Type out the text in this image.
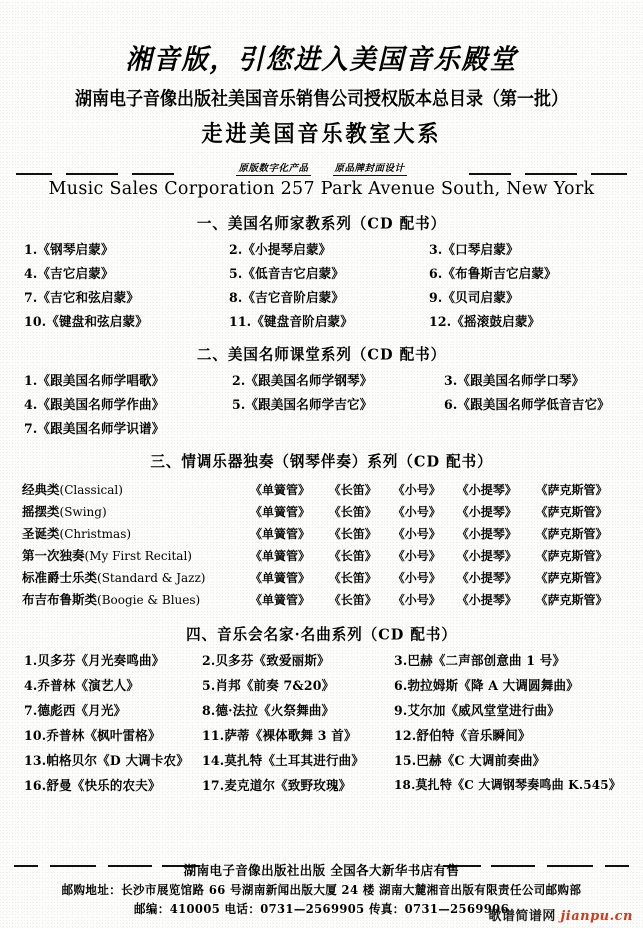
湘音版，引您进入美国音乐殿堂
湖南电子音像出版社美国音乐销售公司授权版本总目录（第一批）
走进美国音乐教室大系
原版数字化产品	原品牌封面设计
Music Sales Corporation 257 Park Avenue South, New York
一、美国名师家教系列（CD 配书）
1.《钢琴启蒙》	2.《小提琴启蒙》	3.《口琴启蒙》
4.《吉它启蒙》	5.《低音吉它启蒙》	6.《布鲁斯吉它启蒙》
7.《吉它和弦启蒙》	8.《吉它音阶启蒙》	9.《贝司启蒙》
10.《键盘和弦启蒙》	11.《键盘音阶启蒙》	12.《摇滚鼓启蒙》
二、美国名师课堂系列（CD 配书）
1.《跟美国名师学唱歌》	2.《跟美国名师学钢琴》	3.《跟美国名师学口琴》
4.《跟美国名师学作曲》	5.《跟美国名师学吉它》	6.《跟美国名师学低音吉它》
7.《跟美国名师学识谱》
三、情调乐器独奏（钢琴伴奏）系列（CD 配书）
经典类(Classical)	《单簧管》	《长笛》	《小号》	《小提琴》	《萨克斯管》
摇摆类(Swing)	《单簧管》	《长笛》	《小号》	《小提琴》	《萨克斯管》
圣诞类(Christmas)	《单簧管》	《长笛》	《小号》	《小提琴》	《萨克斯管》
第一次独奏(My First Recital)	《单簧管》	《长笛》	《小号》	《小提琴》	《萨克斯管》
标准爵士乐类(Standard & Jazz)	《单簧管》	《长笛》	《小号》	《小提琴》	《萨克斯管》
布吉布鲁斯类(Boogie & Blues)	《单簧管》	《长笛》	《小号》	《小提琴》	《萨克斯管》
四、音乐会名家·名曲系列（CD 配书）
1.贝多芬《月光奏鸣曲》	2.贝多芬《致爱丽斯》	3.巴赫《二声部创意曲 1 号》
4.乔普林《演艺人》	5.肖邦《前奏 7&20》	6.勃拉姆斯《降 A 大调圆舞曲》
7.德彪西《月光》	8.德·法拉《火祭舞曲》	9.艾尔加《威风堂堂进行曲》
10.乔普林《枫叶雷格》	11.萨蒂《裸体歌舞 3 首》	12.舒伯特《音乐瞬间》
13.帕格贝尔《D 大调卡农》	14.莫扎特《土耳其进行曲》	15.巴赫《C 大调前奏曲》
16.舒曼《快乐的农夫》	17.麦克道尔《致野玫瑰》	18.莫扎特《C 大调钢琴奏鸣曲 K.545》
湖南电子音像出版社出版 全国各大新华书店有售
邮购地址：长沙市展览馆路 66 号湖南新闻出版大厦 24 楼 湖南大麓湘音出版有限责任公司邮购部
邮编：410005 电话：0731—2569905 传真：0731—2569906
歌谱简谱网 jianpu.cn
